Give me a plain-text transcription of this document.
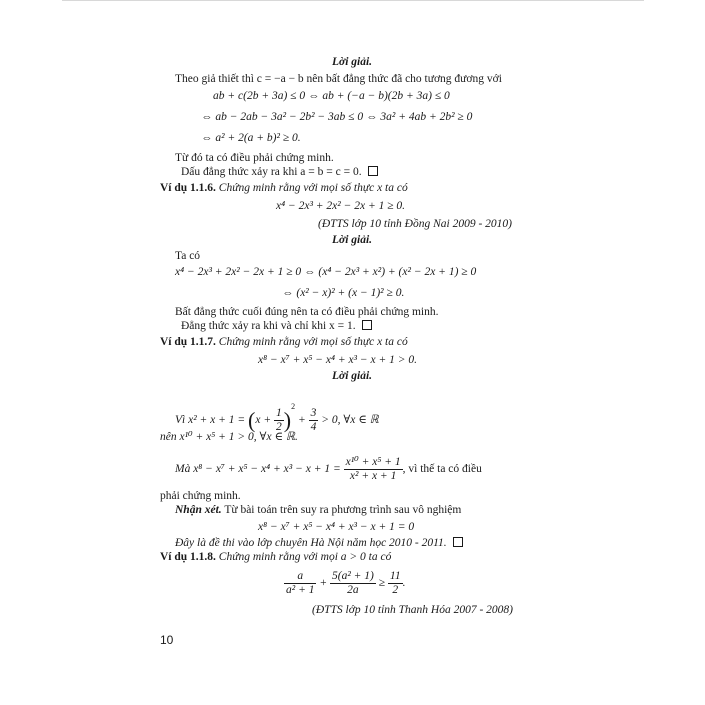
Lời giải.
Theo giả thiết thì c = −a − b nên bất đẳng thức đã cho tương đương với
ab + c(2b + 3a) ≤ 0 ⇔ ab + (−a − b)(2b + 3a) ≤ 0
⇔ ab − 2ab − 3a² − 2b² − 3ab ≤ 0 ⇔ 3a² + 4ab + 2b² ≥ 0
⇔ a² + 2(a + b)² ≥ 0.
Từ đó ta có điều phải chứng minh.
Dấu đẳng thức xảy ra khi a = b = c = 0.
Ví dụ 1.1.6. Chứng minh rằng với mọi số thực x ta có
x⁴ − 2x³ + 2x² − 2x + 1 ≥ 0.
(ĐTTS lớp 10 tỉnh Đồng Nai 2009 - 2010)
Lời giải.
Ta có
x⁴ − 2x³ + 2x² − 2x + 1 ≥ 0 ⇔ (x⁴ − 2x³ + x²) + (x² − 2x + 1) ≥ 0
⇔ (x² − x)² + (x − 1)² ≥ 0.
Bất đẳng thức cuối đúng nên ta có điều phải chứng minh.
Đẳng thức xảy ra khi và chỉ khi x = 1.
Ví dụ 1.1.7. Chứng minh rằng với mọi số thực x ta có
x⁸ − x⁷ + x⁵ − x⁴ + x³ − x + 1 > 0.
Lời giải.
Vì $x^2 + x + 1 = (x + \frac{1}{2} )^2 + \frac{3}{4} > 0$, ∀x ∈ ℝ
nên x¹⁰ + x⁵ + 1 > 0, ∀x ∈ ℝ.
Mà $x^8 - x^7 + x^5 - x^4 + x^3 - x + 1 = \frac{\text{x¹⁰ + x⁵ + 1}}{\text{x² + x + 1}}$ , vì thế ta có điều
phải chứng minh.
Nhận xét. Từ bài toán trên suy ra phương trình sau vô nghiệm
x⁸ − x⁷ + x⁵ − x⁴ + x³ − x + 1 = 0
Đây là đề thi vào lớp chuyên Hà Nội năm học 2010 - 2011.
Ví dụ 1.1.8. Chứng minh rằng với mọi a > 0 ta có
$\frac{a}{\text{a² + 1}} + \frac{\text{5(a² + 1)}}{2a} \ge \frac{11}{2}$ .
(ĐTTS lớp 10 tỉnh Thanh Hóa 2007 - 2008)
10
